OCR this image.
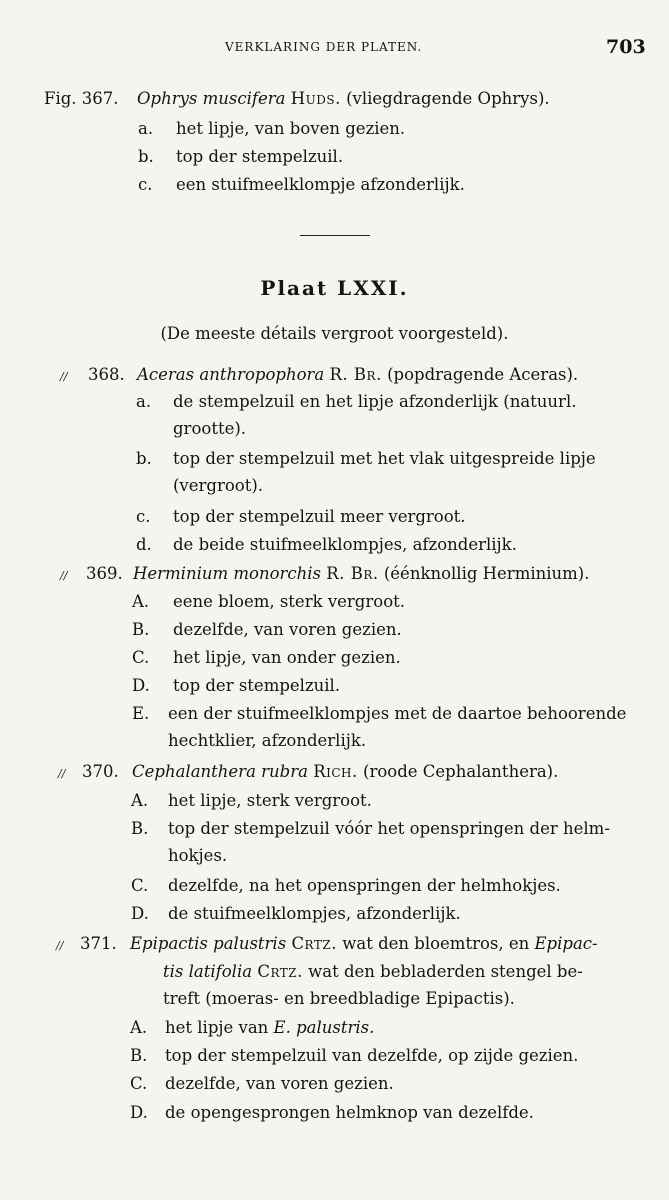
VERKLARING DER PLATEN.	703
Fig. 367. Ophrys muscifera Huds. (vliegdragende Ophrys).
a. het lipje, van boven gezien.
b. top der stempelzuil.
c. een stuifmeelklompje afzonderlijk.
Plaat LXXI.
(De meeste détails vergroot voorgesteld).
// 368. Aceras anthropophora R. Br. (popdragende Aceras).
a. de stempelzuil en het lipje afzonderlijk (natuurl.
grootte).
b. top der stempelzuil met het vlak uitgespreide lipje
(vergroot).
c. top der stempelzuil meer vergroot.
d. de beide stuifmeelklompjes, afzonderlijk.
// 369. Herminium monorchis R. Br. (éénknollig Herminium).
A. eene bloem, sterk vergroot.
B. dezelfde, van voren gezien.
C. het lipje, van onder gezien.
D. top der stempelzuil.
E. een der stuifmeelklompjes met de daartoe behoorende
hechtklier, afzonderlijk.
// 370. Cephalanthera rubra Rich. (roode Cephalanthera).
A. het lipje, sterk vergroot.
B. top der stempelzuil vóór het openspringen der helm-
hokjes.
C. dezelfde, na het openspringen der helmhokjes.
D. de stuifmeelklompjes, afzonderlijk.
// 371. Epipactis palustris Crtz. wat den bloemtros, en Epipac-
tis latifolia Crtz. wat den bebladerden stengel be-
treft (moeras- en breedbladige Epipactis).
A. het lipje van E. palustris.
B. top der stempelzuil van dezelfde, op zijde gezien.
C. dezelfde, van voren gezien.
D. de opengesprongen helmknop van dezelfde.
